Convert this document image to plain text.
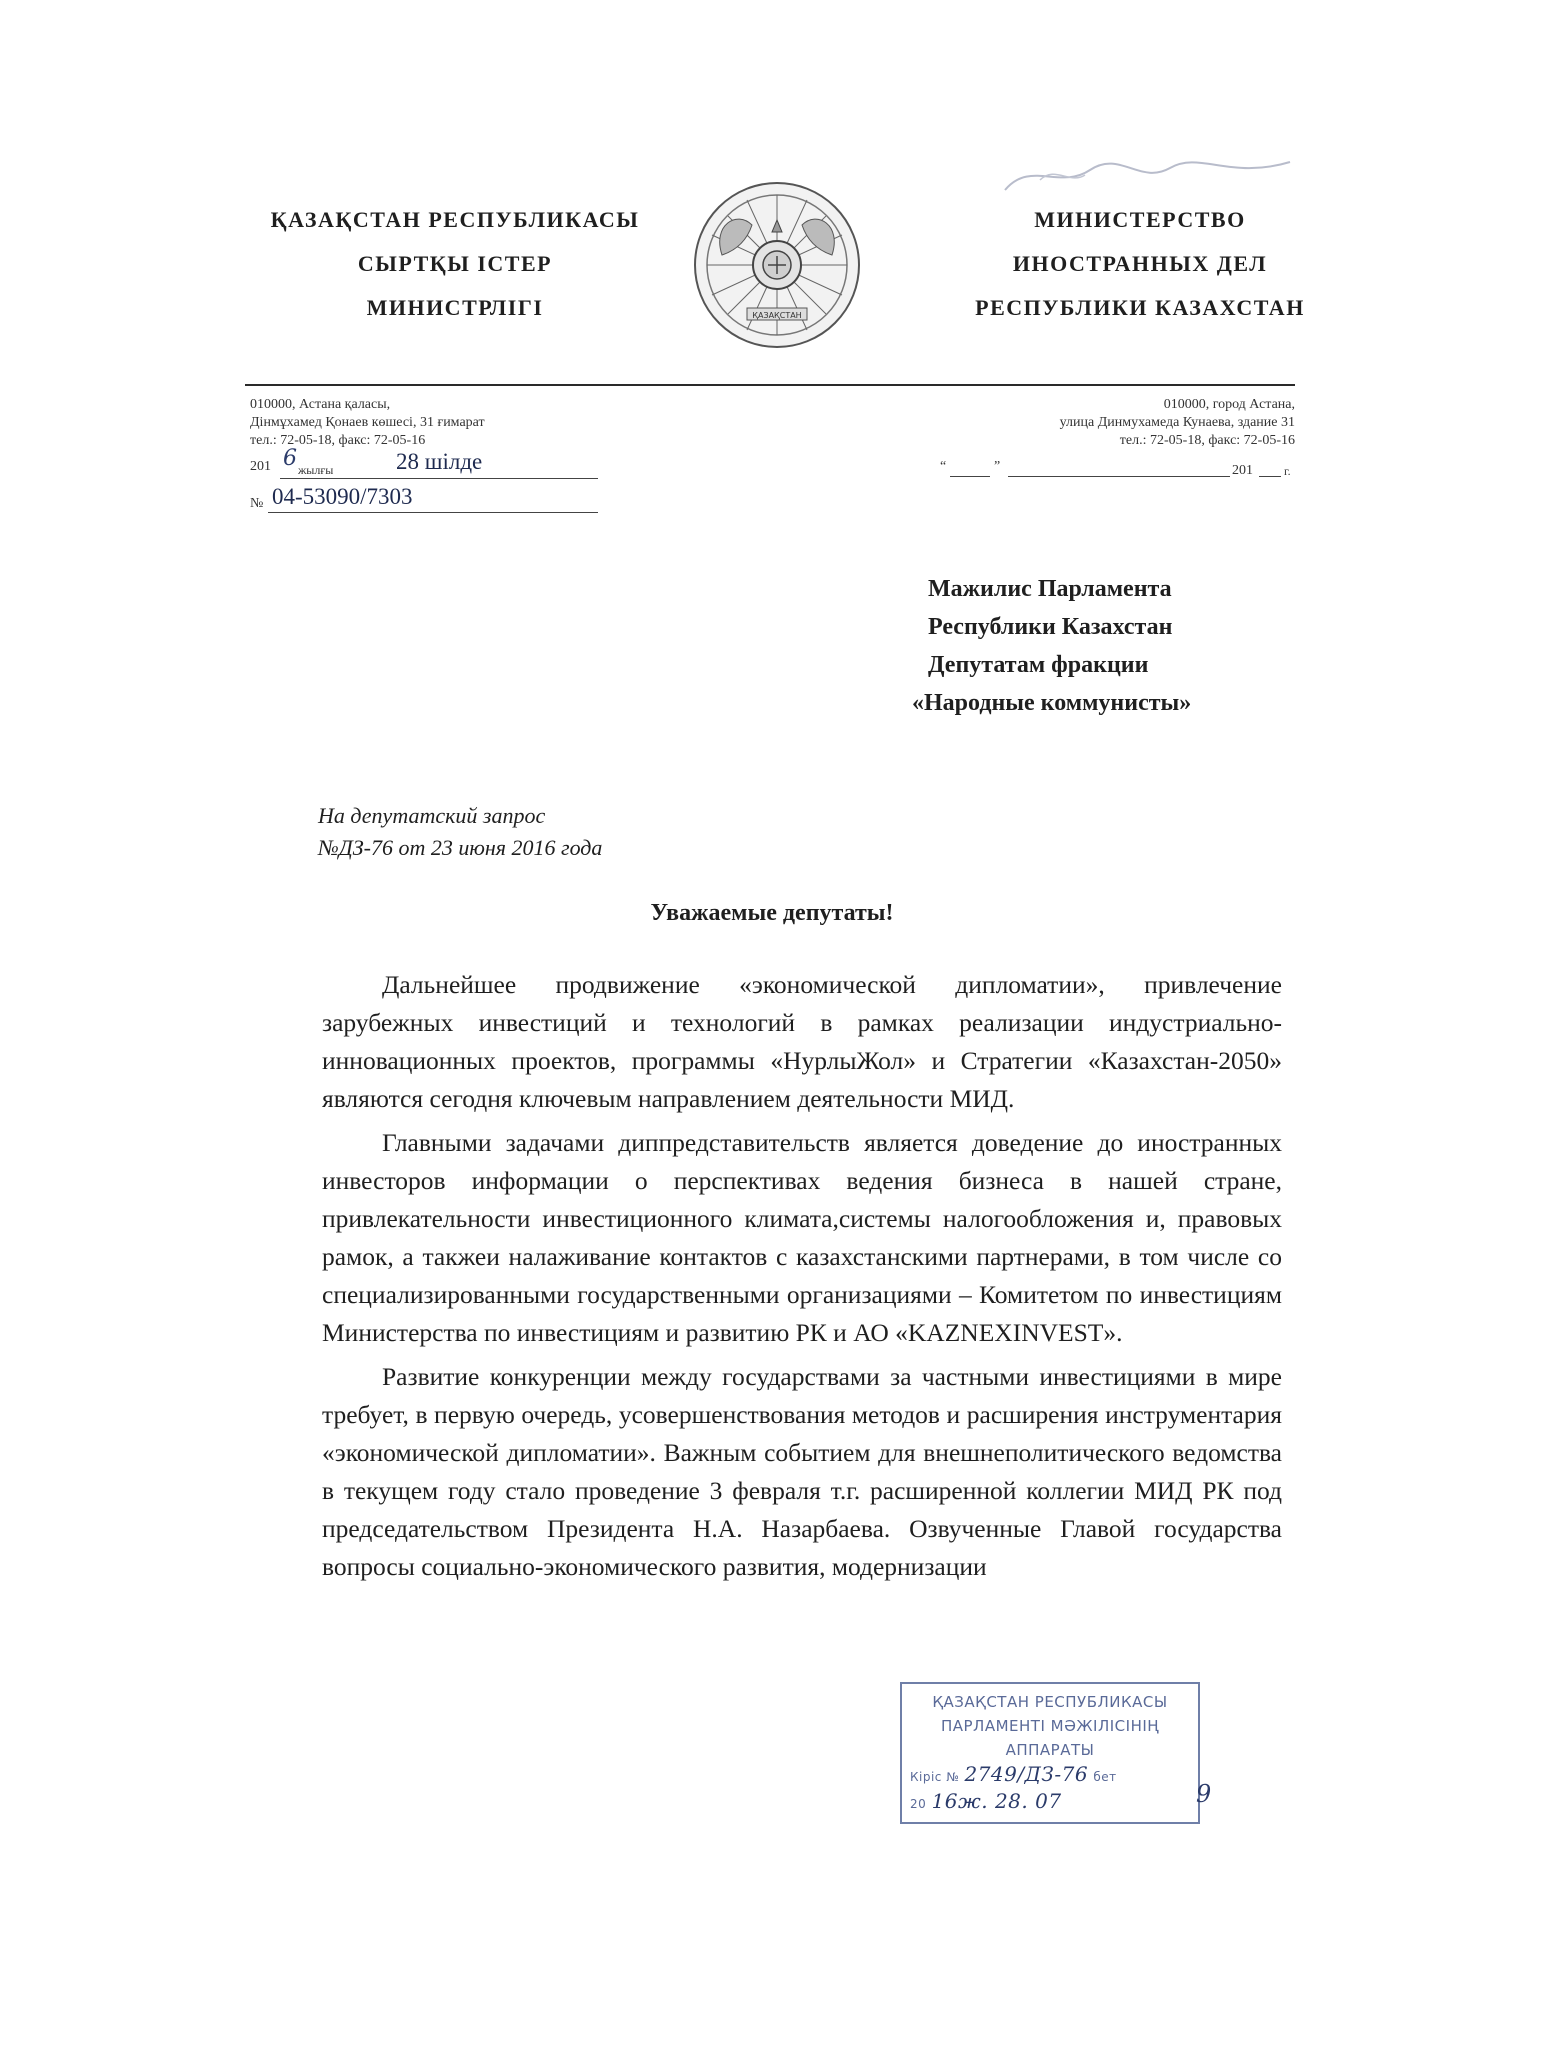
ҚАЗАҚСТАН РЕСПУБЛИКАСЫ
СЫРТҚЫ ІСТЕР
МИНИСТРЛІГІ	ҚАЗАҚСТАН
МИНИСТЕРСТВО
ИНОСТРАННЫХ ДЕЛ
РЕСПУБЛИКИ КАЗАХСТАН
010000, Астана қаласы,
Дінмұхамед Қонаев көшесі, 31 ғимарат
тел.: 72-05-18, факс: 72-05-16
201 6 жылғы	28 шілде
№ 04-53090/7303
010000, город Астана,
улица Динмухамеда Кунаева, здание 31
тел.: 72-05-18, факс: 72-05-16
“	”	201	г.
Мажилис Парламента
Республики Казахстан
Депутатам фракции
«Народные коммунисты»
На депутатский запрос
№ДЗ-76 от 23 июня 2016 года
Уважаемые депутаты!

Дальнейшее продвижение «экономической дипломатии», привлечение зарубежных инвестиций и технологий в рамках реализации индустриально-инновационных проектов, программы «НурлыЖол» и Стратегии «Казахстан-2050» являются сегодня ключевым направлением деятельности МИД.

Главными задачами диппредставительств является доведение до иностранных инвесторов информации о перспективах ведения бизнеса в нашей стране, привлекательности инвестиционного климата,системы налогообложения и, правовых рамок, а такжеи налаживание контактов с казахстанскими партнерами, в том числе со специализированными государственными организациями – Комитетом по инвестициям Министерства по инвестициям и развитию РК и АО «KAZNEXINVEST».

Развитие конкуренции между государствами за частными инвестициями в мире требует, в первую очередь, усовершенствования методов и расширения инструментария «экономической дипломатии». Важным событием для внешнеполитического ведомства в текущем году стало проведение 3 февраля т.г. расширенной коллегии МИД РК под председательством Президента Н.А. Назарбаева. Озвученные Главой государства вопросы социально-экономического развития, модернизации

ҚАЗАҚСТАН РЕСПУБЛИКАСЫ
ПАРЛАМЕНТІ МӘЖІЛІСІНІҢ
АППАРАТЫ
Кіріс № 2749/ДЗ-76 бет
20 16ж. 28. 07	9
